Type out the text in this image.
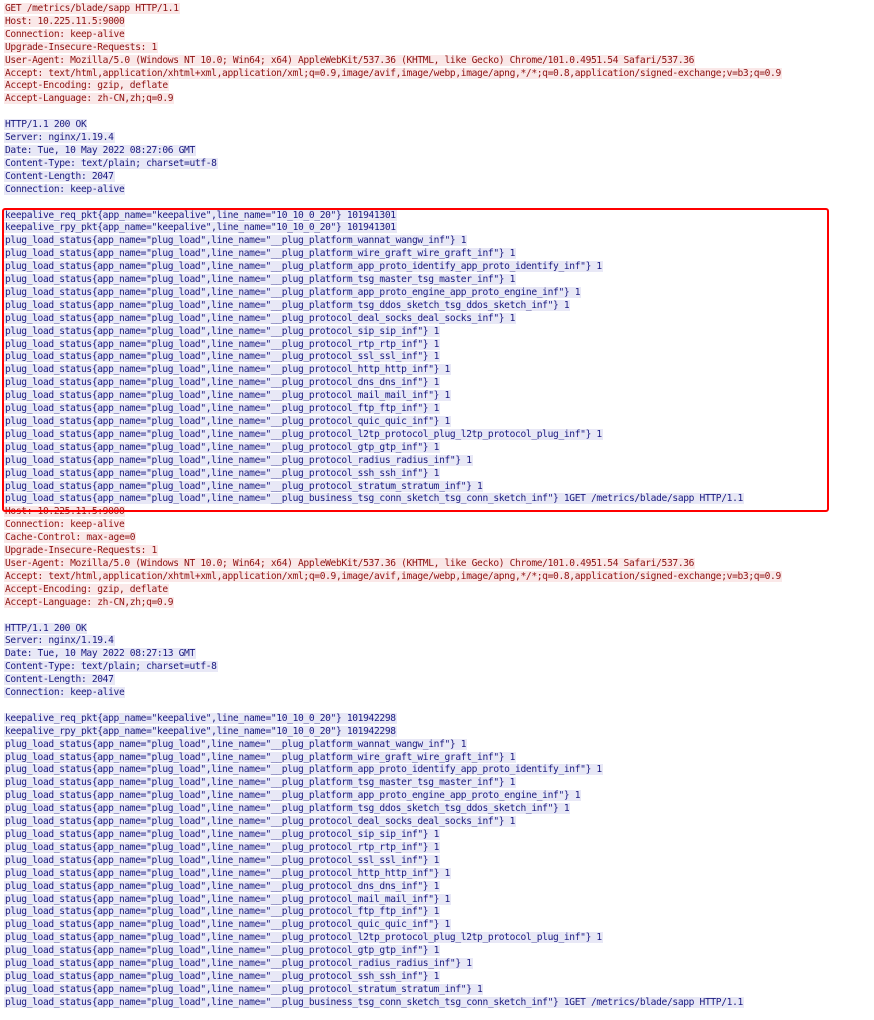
GET /metrics/blade/sapp HTTP/1.1
Host: 10.225.11.5:9000
Connection: keep-alive
Upgrade-Insecure-Requests: 1
User-Agent: Mozilla/5.0 (Windows NT 10.0; Win64; x64) AppleWebKit/537.36 (KHTML, like Gecko) Chrome/101.0.4951.54 Safari/537.36
Accept: text/html,application/xhtml+xml,application/xml;q=0.9,image/avif,image/webp,image/apng,*/*;q=0.8,application/signed-exchange;v=b3;q=0.9
Accept-Encoding: gzip, deflate
Accept-Language: zh-CN,zh;q=0.9
HTTP/1.1 200 OK
Server: nginx/1.19.4
Date: Tue, 10 May 2022 08:27:06 GMT
Content-Type: text/plain; charset=utf-8
Content-Length: 2047
Connection: keep-alive
keepalive_req_pkt{app_name="keepalive",line_name="10_10_0_20"} 101941301
keepalive_rpy_pkt{app_name="keepalive",line_name="10_10_0_20"} 101941301
plug_load_status{app_name="plug_load",line_name="__plug_platform_wannat_wangw_inf"} 1
plug_load_status{app_name="plug_load",line_name="__plug_platform_wire_graft_wire_graft_inf"} 1
plug_load_status{app_name="plug_load",line_name="__plug_platform_app_proto_identify_app_proto_identify_inf"} 1
plug_load_status{app_name="plug_load",line_name="__plug_platform_tsg_master_tsg_master_inf"} 1
plug_load_status{app_name="plug_load",line_name="__plug_platform_app_proto_engine_app_proto_engine_inf"} 1
plug_load_status{app_name="plug_load",line_name="__plug_platform_tsg_ddos_sketch_tsg_ddos_sketch_inf"} 1
plug_load_status{app_name="plug_load",line_name="__plug_protocol_deal_socks_deal_socks_inf"} 1
plug_load_status{app_name="plug_load",line_name="__plug_protocol_sip_sip_inf"} 1
plug_load_status{app_name="plug_load",line_name="__plug_protocol_rtp_rtp_inf"} 1
plug_load_status{app_name="plug_load",line_name="__plug_protocol_ssl_ssl_inf"} 1
plug_load_status{app_name="plug_load",line_name="__plug_protocol_http_http_inf"} 1
plug_load_status{app_name="plug_load",line_name="__plug_protocol_dns_dns_inf"} 1
plug_load_status{app_name="plug_load",line_name="__plug_protocol_mail_mail_inf"} 1
plug_load_status{app_name="plug_load",line_name="__plug_protocol_ftp_ftp_inf"} 1
plug_load_status{app_name="plug_load",line_name="__plug_protocol_quic_quic_inf"} 1
plug_load_status{app_name="plug_load",line_name="__plug_protocol_l2tp_protocol_plug_l2tp_protocol_plug_inf"} 1
plug_load_status{app_name="plug_load",line_name="__plug_protocol_gtp_gtp_inf"} 1
plug_load_status{app_name="plug_load",line_name="__plug_protocol_radius_radius_inf"} 1
plug_load_status{app_name="plug_load",line_name="__plug_protocol_ssh_ssh_inf"} 1
plug_load_status{app_name="plug_load",line_name="__plug_protocol_stratum_stratum_inf"} 1
plug_load_status{app_name="plug_load",line_name="__plug_business_tsg_conn_sketch_tsg_conn_sketch_inf"} 1GET /metrics/blade/sapp HTTP/1.1
Host: 10.225.11.5:9000
Connection: keep-alive
Cache-Control: max-age=0
Upgrade-Insecure-Requests: 1
User-Agent: Mozilla/5.0 (Windows NT 10.0; Win64; x64) AppleWebKit/537.36 (KHTML, like Gecko) Chrome/101.0.4951.54 Safari/537.36
Accept: text/html,application/xhtml+xml,application/xml;q=0.9,image/avif,image/webp,image/apng,*/*;q=0.8,application/signed-exchange;v=b3;q=0.9
Accept-Encoding: gzip, deflate
Accept-Language: zh-CN,zh;q=0.9
HTTP/1.1 200 OK
Server: nginx/1.19.4
Date: Tue, 10 May 2022 08:27:13 GMT
Content-Type: text/plain; charset=utf-8
Content-Length: 2047
Connection: keep-alive
keepalive_req_pkt{app_name="keepalive",line_name="10_10_0_20"} 101942298
keepalive_rpy_pkt{app_name="keepalive",line_name="10_10_0_20"} 101942298
plug_load_status{app_name="plug_load",line_name="__plug_platform_wannat_wangw_inf"} 1
plug_load_status{app_name="plug_load",line_name="__plug_platform_wire_graft_wire_graft_inf"} 1
plug_load_status{app_name="plug_load",line_name="__plug_platform_app_proto_identify_app_proto_identify_inf"} 1
plug_load_status{app_name="plug_load",line_name="__plug_platform_tsg_master_tsg_master_inf"} 1
plug_load_status{app_name="plug_load",line_name="__plug_platform_app_proto_engine_app_proto_engine_inf"} 1
plug_load_status{app_name="plug_load",line_name="__plug_platform_tsg_ddos_sketch_tsg_ddos_sketch_inf"} 1
plug_load_status{app_name="plug_load",line_name="__plug_protocol_deal_socks_deal_socks_inf"} 1
plug_load_status{app_name="plug_load",line_name="__plug_protocol_sip_sip_inf"} 1
plug_load_status{app_name="plug_load",line_name="__plug_protocol_rtp_rtp_inf"} 1
plug_load_status{app_name="plug_load",line_name="__plug_protocol_ssl_ssl_inf"} 1
plug_load_status{app_name="plug_load",line_name="__plug_protocol_http_http_inf"} 1
plug_load_status{app_name="plug_load",line_name="__plug_protocol_dns_dns_inf"} 1
plug_load_status{app_name="plug_load",line_name="__plug_protocol_mail_mail_inf"} 1
plug_load_status{app_name="plug_load",line_name="__plug_protocol_ftp_ftp_inf"} 1
plug_load_status{app_name="plug_load",line_name="__plug_protocol_quic_quic_inf"} 1
plug_load_status{app_name="plug_load",line_name="__plug_protocol_l2tp_protocol_plug_l2tp_protocol_plug_inf"} 1
plug_load_status{app_name="plug_load",line_name="__plug_protocol_gtp_gtp_inf"} 1
plug_load_status{app_name="plug_load",line_name="__plug_protocol_radius_radius_inf"} 1
plug_load_status{app_name="plug_load",line_name="__plug_protocol_ssh_ssh_inf"} 1
plug_load_status{app_name="plug_load",line_name="__plug_protocol_stratum_stratum_inf"} 1
plug_load_status{app_name="plug_load",line_name="__plug_business_tsg_conn_sketch_tsg_conn_sketch_inf"} 1GET /metrics/blade/sapp HTTP/1.1
